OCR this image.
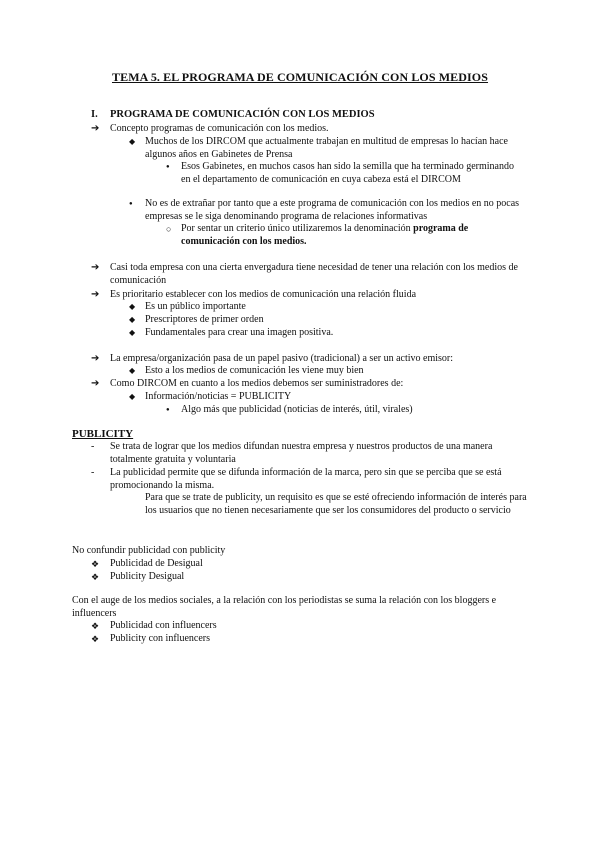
TEMA 5. EL PROGRAMA DE COMUNICACIÓN CON LOS MEDIOS
I. PROGRAMA DE COMUNICACIÓN CON LOS MEDIOS
➔ Concepto programas de comunicación con los medios.
◆ Muchos de los DIRCOM que actualmente trabajan en multitud de empresas lo hacían hace algunos años en Gabinetes de Prensa
● Esos Gabinetes, en muchos casos han sido la semilla que ha terminado germinando en el departamento de comunicación en cuya cabeza está el DIRCOM
● No es de extrañar por tanto que a este programa de comunicación con los medios en no pocas empresas se le siga denominando programa de relaciones informativas
○ Por sentar un criterio único utilizaremos la denominación programa de comunicación con los medios.
➔ Casi toda empresa con una cierta envergadura tiene necesidad de tener una relación con los medios de comunicación
➔ Es prioritario establecer con los medios de comunicación una relación fluida
◆ Es un público importante
◆ Prescriptores de primer orden
◆ Fundamentales para crear una imagen positiva.
➔ La empresa/organización pasa de un papel pasivo (tradicional) a ser un activo emisor:
◆ Esto a los medios de comunicación les viene muy bien
➔ Como DIRCOM en cuanto a los medios debemos ser suministradores de:
◆ Información/noticias = PUBLICITY
● Algo más que publicidad (noticias de interés, útil, virales)
PUBLICITY
- Se trata de lograr que los medios difundan nuestra empresa y nuestros productos de una manera totalmente gratuita y voluntaria
- La publicidad permite que se difunda información de la marca, pero sin que se perciba que se está promocionando la misma.
Para que se trate de publicity, un requisito es que se esté ofreciendo información de interés para los usuarios que no tienen necesariamente que ser los consumidores del producto o servicio
No confundir publicidad con publicity
❖ Publicidad de Desigual
❖ Publicity Desigual
Con el auge de los medios sociales, a la relación con los periodistas se suma la relación con los bloggers e influencers
❖ Publicidad con influencers
❖ Publicity con influencers
